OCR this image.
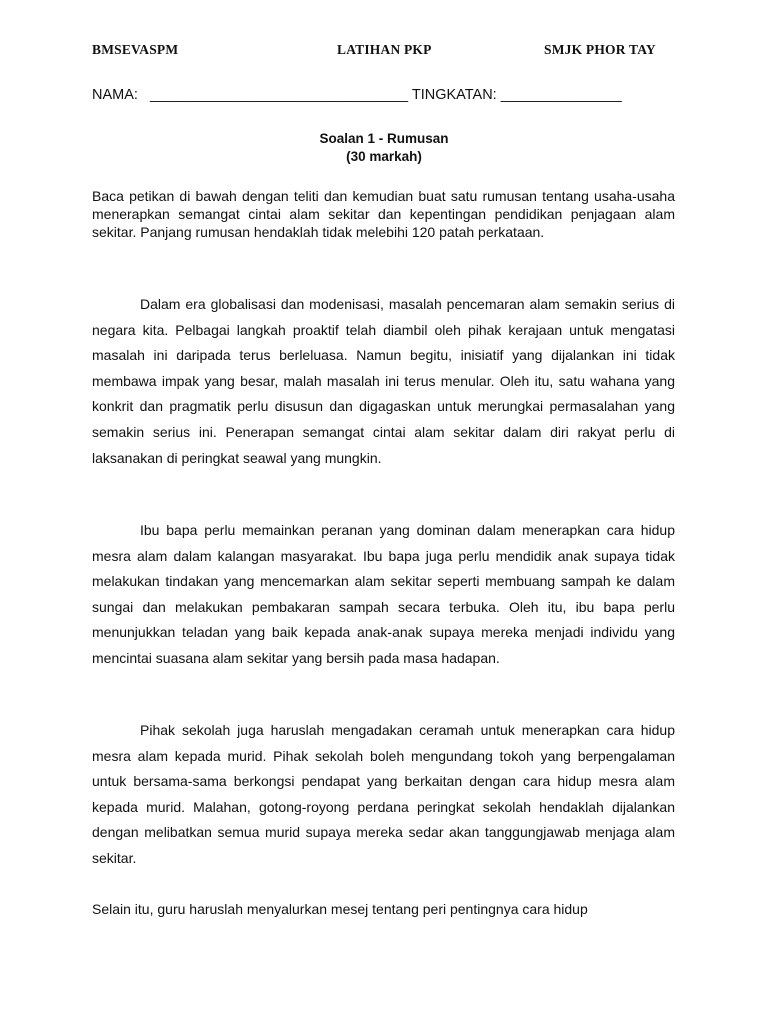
BMSEVASPM	LATIHAN PKP	SMJK PHOR TAY
NAMA: ________________________________ TINGKATAN: _______________
Soalan 1 - Rumusan
(30 markah)
Baca petikan di bawah dengan teliti dan kemudian buat satu rumusan tentang usaha-usaha menerapkan semangat cintai alam sekitar dan kepentingan pendidikan penjagaan alam sekitar. Panjang rumusan hendaklah tidak melebihi 120 patah perkataan.

Dalam era globalisasi dan modenisasi, masalah pencemaran alam semakin serius di negara kita. Pelbagai langkah proaktif telah diambil oleh pihak kerajaan untuk mengatasi masalah ini daripada terus berleluasa. Namun begitu, inisiatif yang dijalankan ini tidak membawa impak yang besar, malah masalah ini terus menular. Oleh itu, satu wahana yang konkrit dan pragmatik perlu disusun dan digagaskan untuk merungkai permasalahan yang semakin serius ini. Penerapan semangat cintai alam sekitar dalam diri rakyat perlu di laksanakan di peringkat seawal yang mungkin.

Ibu bapa perlu memainkan peranan yang dominan dalam menerapkan cara hidup mesra alam dalam kalangan masyarakat. Ibu bapa juga perlu mendidik anak supaya tidak melakukan tindakan yang mencemarkan alam sekitar seperti membuang sampah ke dalam sungai dan melakukan pembakaran sampah secara terbuka. Oleh itu, ibu bapa perlu menunjukkan teladan yang baik kepada anak-anak supaya mereka menjadi individu yang mencintai suasana alam sekitar yang bersih pada masa hadapan.

Pihak sekolah juga haruslah mengadakan ceramah untuk menerapkan cara hidup mesra alam kepada murid. Pihak sekolah boleh mengundang tokoh yang berpengalaman untuk bersama-sama berkongsi pendapat yang berkaitan dengan cara hidup mesra alam kepada murid. Malahan, gotong-royong perdana peringkat sekolah hendaklah dijalankan dengan melibatkan semua murid supaya mereka sedar akan tanggungjawab menjaga alam sekitar.

Selain itu, guru haruslah menyalurkan mesej tentang peri pentingnya cara hidup
